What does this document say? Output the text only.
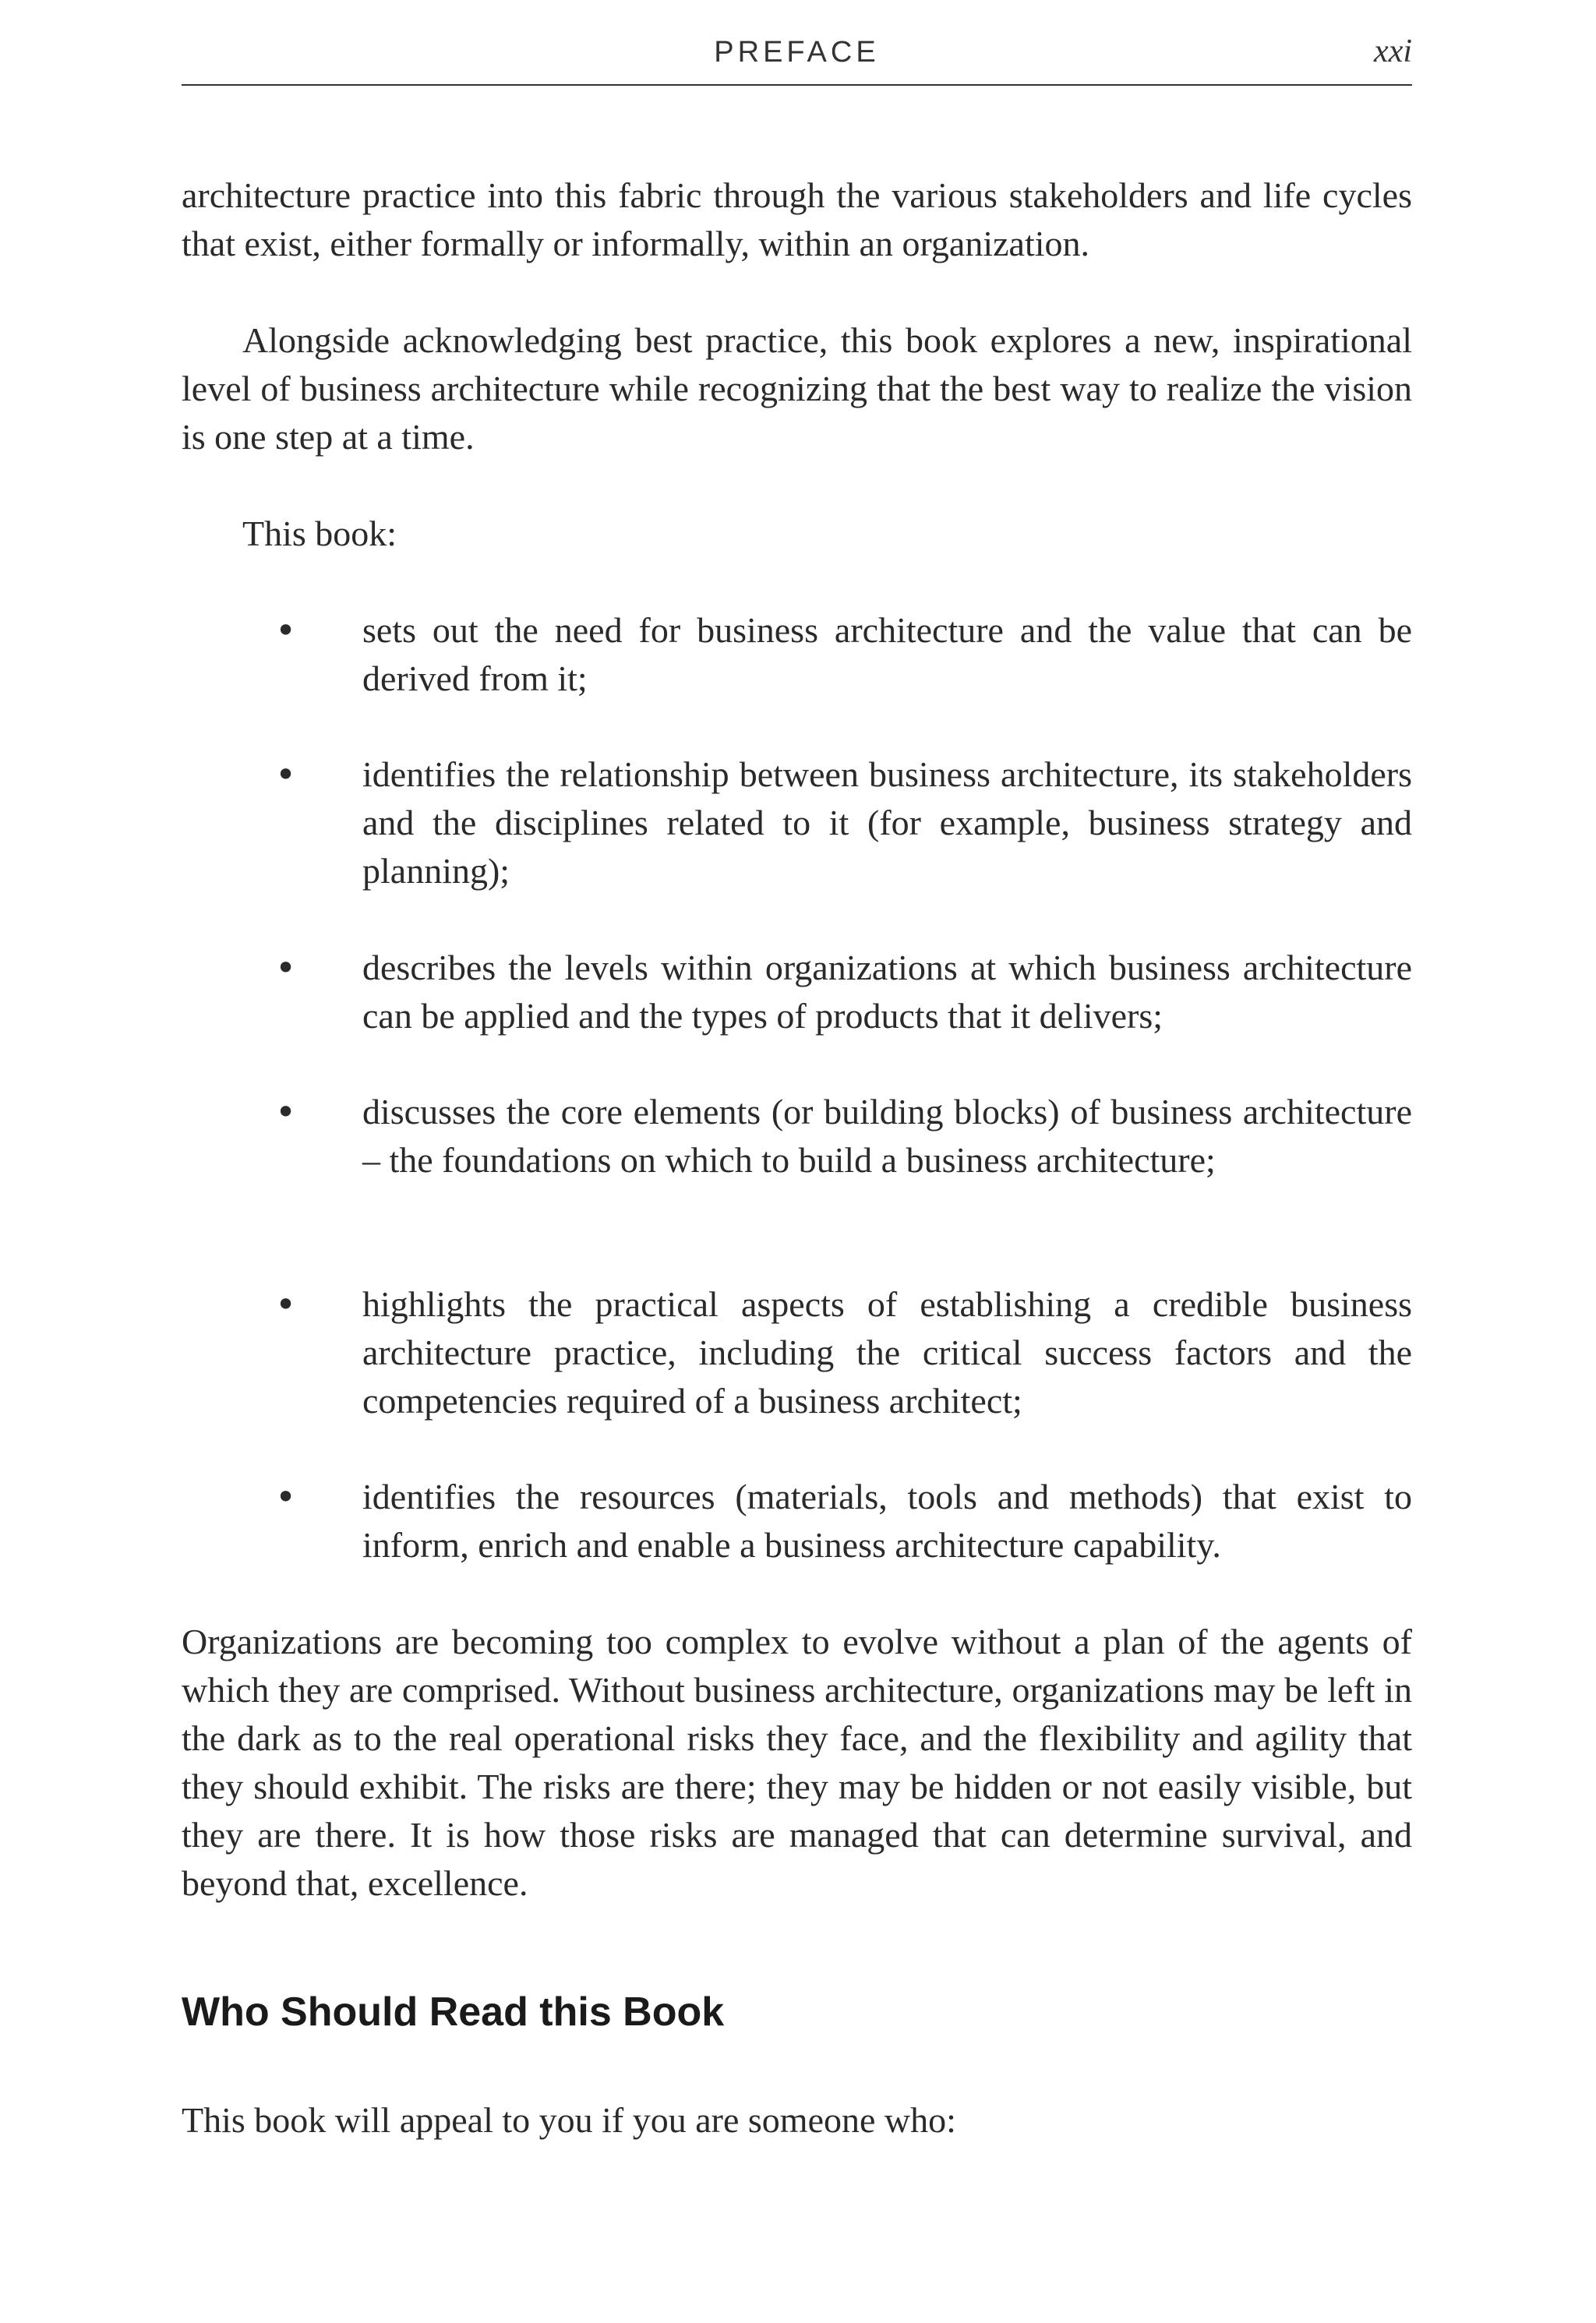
PREFACE	xxi

architecture practice into this fabric through the various stakeholders and life cycles that exist, either formally or informally, within an organization.

Alongside acknowledging best practice, this book explores a new, inspirational level of business architecture while recognizing that the best way to realize the vision is one step at a time.

This book:

• sets out the need for business architecture and the value that can be derived from it;

• identifies the relationship between business architecture, its stakeholders and the disciplines related to it (for example, business strategy and planning);

• describes the levels within organizations at which business architecture can be applied and the types of products that it delivers;

• discusses the core elements (or building blocks) of business architecture – the foundations on which to build a business architecture;

• highlights the practical aspects of establishing a credible business architecture practice, including the critical success factors and the competencies required of a business architect;

• identifies the resources (materials, tools and methods) that exist to inform, enrich and enable a business architecture capability.

Organizations are becoming too complex to evolve without a plan of the agents of which they are comprised. Without business architecture, organizations may be left in the dark as to the real operational risks they face, and the flexibility and agility that they should exhibit. The risks are there; they may be hidden or not easily visible, but they are there. It is how those risks are managed that can determine survival, and beyond that, excellence.

Who Should Read this Book

This book will appeal to you if you are someone who:
